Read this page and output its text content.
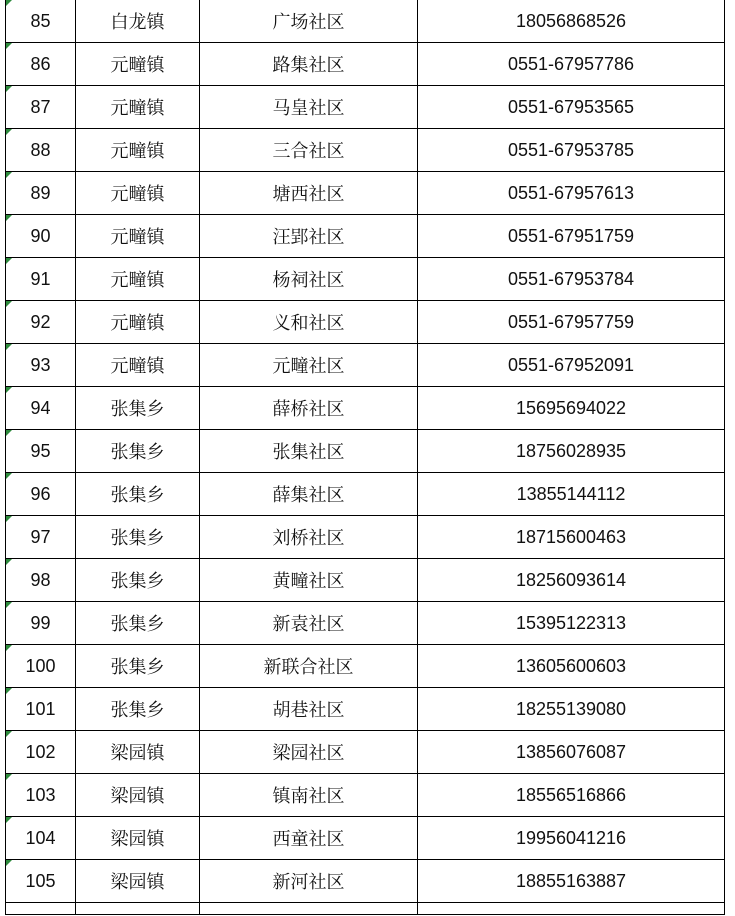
85	白龙镇	广场社区	18056868526
86	元疃镇	路集社区	0551-67957786
87	元疃镇	马皇社区	0551-67953565
88	元疃镇	三合社区	0551-67953785
89	元疃镇	塘西社区	0551-67957613
90	元疃镇	汪郢社区	0551-67951759
91	元疃镇	杨祠社区	0551-67953784
92	元疃镇	义和社区	0551-67957759
93	元疃镇	元疃社区	0551-67952091
94	张集乡	薛桥社区	15695694022
95	张集乡	张集社区	18756028935
96	张集乡	薛集社区	13855144112
97	张集乡	刘桥社区	18715600463
98	张集乡	黄疃社区	18256093614
99	张集乡	新袁社区	15395122313
100	张集乡	新联合社区	13605600603
101	张集乡	胡巷社区	18255139080
102	梁园镇	梁园社区	13856076087
103	梁园镇	镇南社区	18556516866
104	梁园镇	西童社区	19956041216
105	梁园镇	新河社区	18855163887
